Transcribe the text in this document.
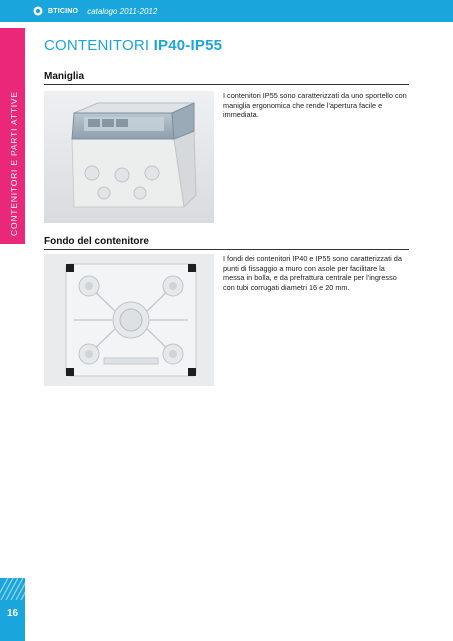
BTICINO catalogo 2011-2012
CONTENITORI E PARTI ATTIVE
16
CONTENITORI IP40-IP55
Maniglia
I contenitori IP55 sono caratterizzati da uno sportello con maniglia ergonomica che rende l'apertura facile e immediata.
Fondo del contenitore
I fondi dei contenitori IP40 e IP55 sono caratterizzati da punti di fissaggio a muro con asole per facilitare la messa in bolla, e da prefrattura centrale per l'ingresso con tubi corrugati diametri 16 e 20 mm.
